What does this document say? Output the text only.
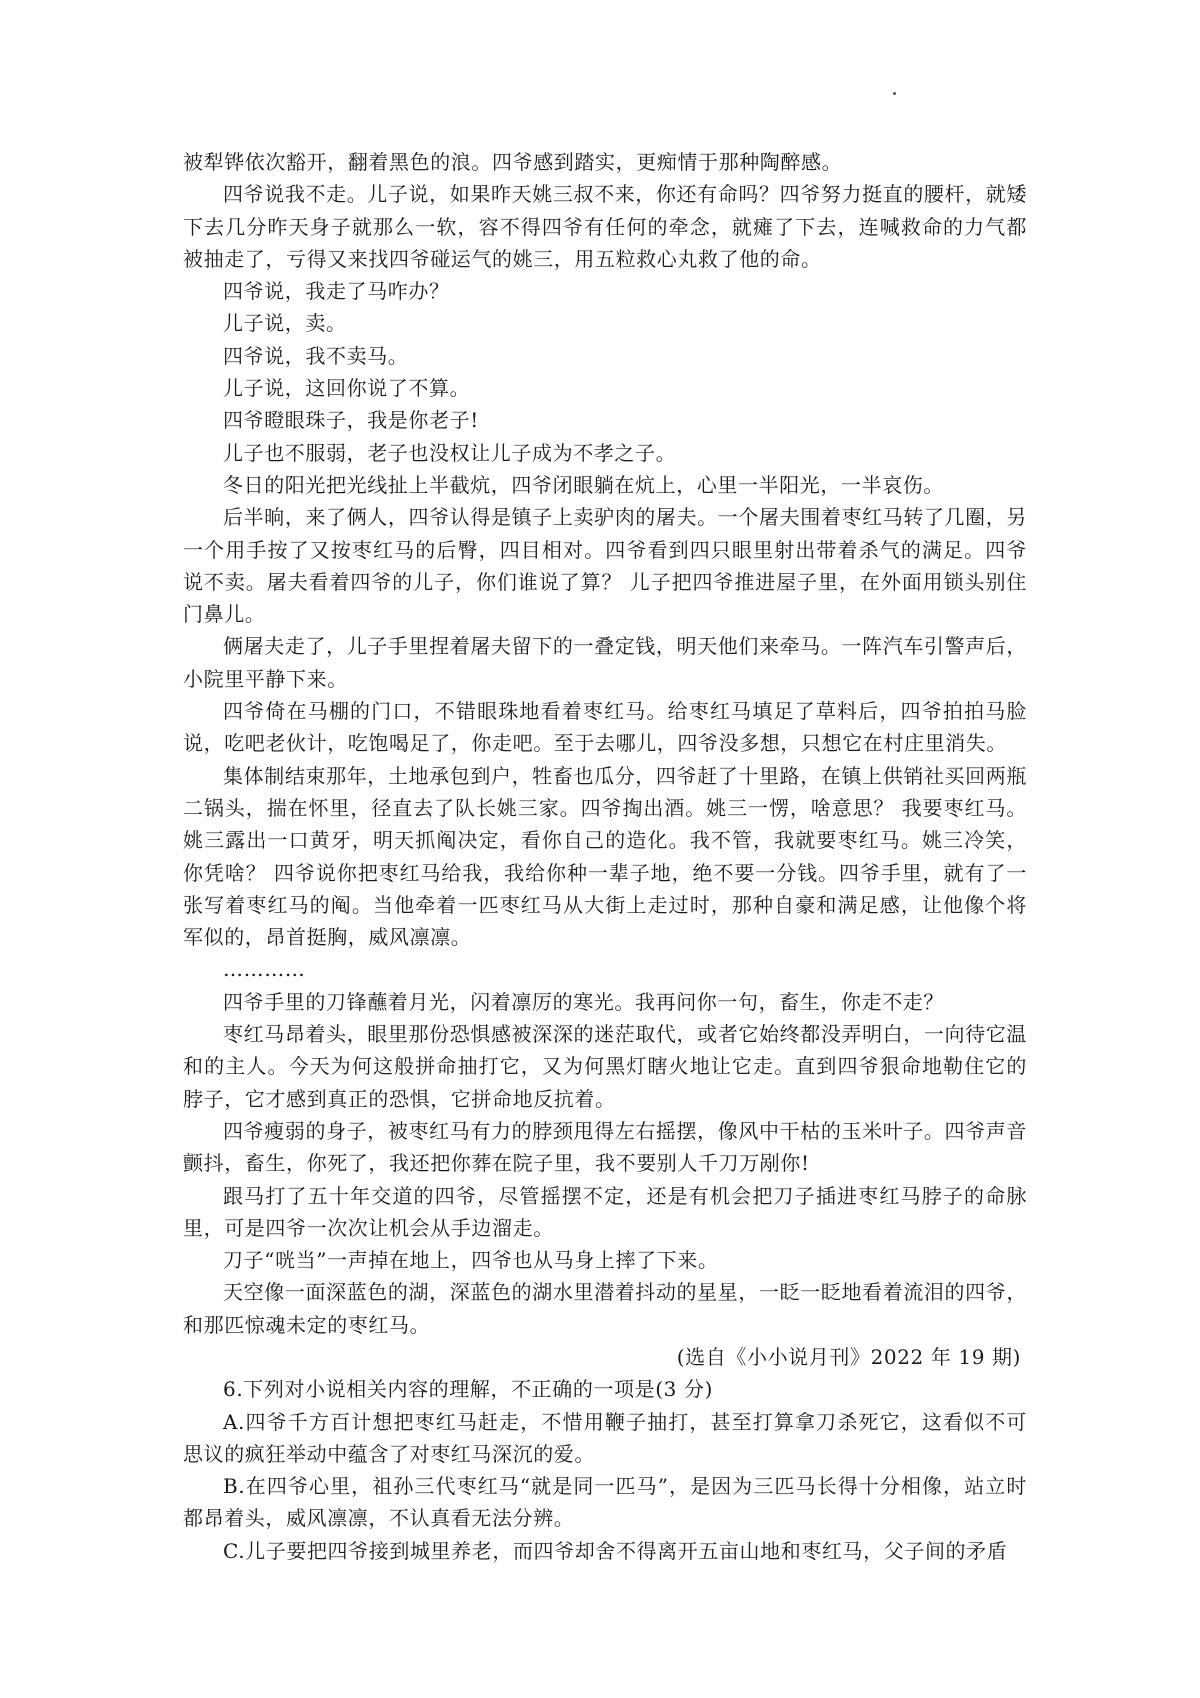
被犁铧依次豁开，翻着黑色的浪。四爷感到踏实，更痴情于那种陶醉感。

四爷说我不走。儿子说，如果昨天姚三叔不来，你还有命吗？四爷努力挺直的腰杆，就矮下去几分昨天身子就那么一软，容不得四爷有任何的牵念，就瘫了下去，连喊救命的力气都被抽走了，亏得又来找四爷碰运气的姚三，用五粒救心丸救了他的命。

四爷说，我走了马咋办？

儿子说，卖。

四爷说，我不卖马。

儿子说，这回你说了不算。

四爷瞪眼珠子，我是你老子!

儿子也不服弱，老子也没权让儿子成为不孝之子。

冬日的阳光把光线扯上半截炕，四爷闭眼躺在炕上，心里一半阳光，一半哀伤。

后半晌，来了俩人，四爷认得是镇子上卖驴肉的屠夫。一个屠夫围着枣红马转了几圈，另一个用手按了又按枣红马的后臀，四目相对。四爷看到四只眼里射出带着杀气的满足。四爷说不卖。屠夫看着四爷的儿子，你们谁说了算？ 儿子把四爷推进屋子里，在外面用锁头别住门鼻儿。

俩屠夫走了，儿子手里捏着屠夫留下的一叠定钱，明天他们来牵马。一阵汽车引警声后，小院里平静下来。

四爷倚在马棚的门口，不错眼珠地看着枣红马。给枣红马填足了草料后，四爷拍拍马脸说，吃吧老伙计，吃饱喝足了，你走吧。至于去哪儿，四爷没多想，只想它在村庄里消失。

集体制结束那年，土地承包到户，牲畜也瓜分，四爷赶了十里路，在镇上供销社买回两瓶二锅头，揣在怀里，径直去了队长姚三家。四爷掏出酒。姚三一愣，啥意思？ 我要枣红马。姚三露出一口黄牙，明天抓阄决定，看你自己的造化。我不管，我就要枣红马。姚三冷笑，你凭啥？ 四爷说你把枣红马给我，我给你种一辈子地，绝不要一分钱。四爷手里，就有了一张写着枣红马的阄。当他牵着一匹枣红马从大街上走过时，那种自豪和满足感，让他像个将军似的，昂首挺胸，威风凛凛。

…………

四爷手里的刀锋蘸着月光，闪着凛厉的寒光。我再问你一句，畜生，你走不走？

枣红马昂着头，眼里那份恐惧感被深深的迷茫取代，或者它始终都没弄明白，一向待它温和的主人。今天为何这般拼命抽打它，又为何黑灯瞎火地让它走。直到四爷狠命地勒住它的脖子，它才感到真正的恐惧，它拼命地反抗着。

四爷瘦弱的身子，被枣红马有力的脖颈甩得左右摇摆，像风中干枯的玉米叶子。四爷声音颤抖，畜生，你死了，我还把你葬在院子里，我不要别人千刀万剐你!

跟马打了五十年交道的四爷，尽管摇摆不定，还是有机会把刀子插进枣红马脖子的命脉里，可是四爷一次次让机会从手边溜走。

刀子“咣当”一声掉在地上，四爷也从马身上摔了下来。

天空像一面深蓝色的湖，深蓝色的湖水里潜着抖动的星星，一眨一眨地看着流泪的四爷，和那匹惊魂未定的枣红马。

(选自《小小说月刊》2022 年 19 期)

6.下列对小说相关内容的理解，不正确的一项是(3 分)

A.四爷千方百计想把枣红马赶走，不惜用鞭子抽打，甚至打算拿刀杀死它，这看似不可思议的疯狂举动中蕴含了对枣红马深沉的爱。

B.在四爷心里，祖孙三代枣红马“就是同一匹马”，是因为三匹马长得十分相像，站立时都昂着头，威风凛凛，不认真看无法分辨。

C.儿子要把四爷接到城里养老，而四爷却舍不得离开五亩山地和枣红马，父子间的矛盾
